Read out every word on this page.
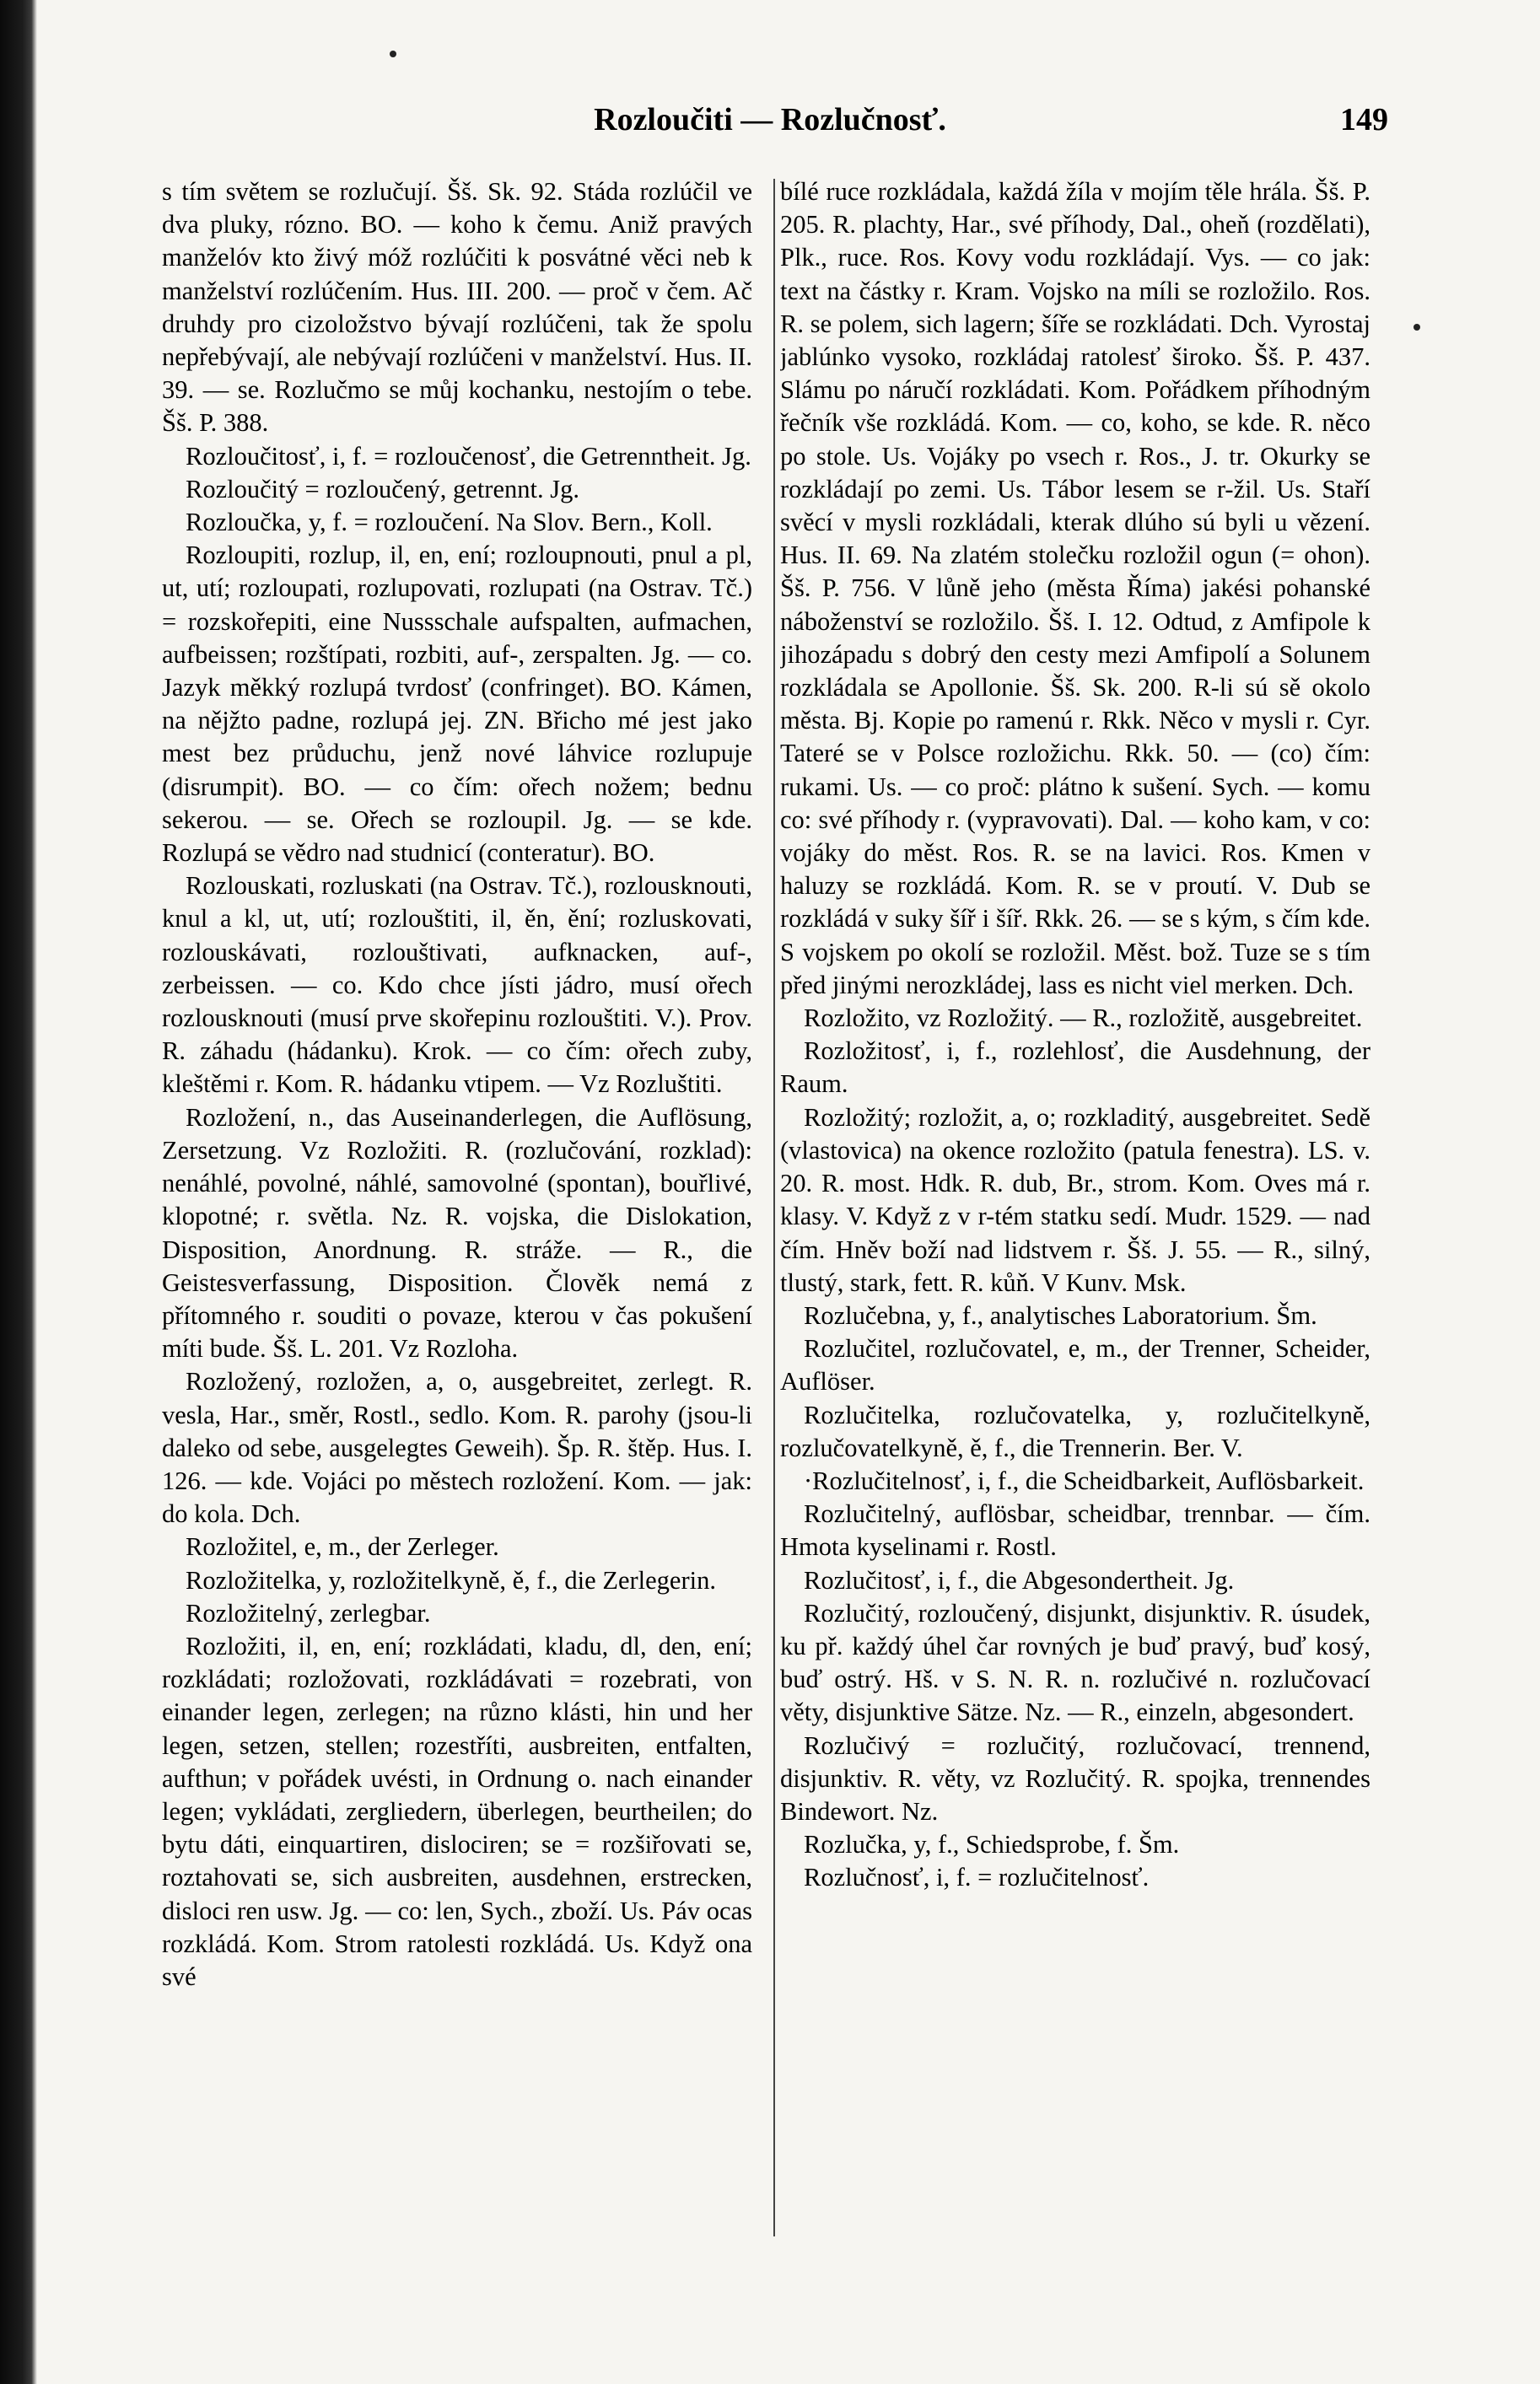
Rozloučiti — Rozlučnosť.	149

s tím světem se rozlučují. Šš. Sk. 92. Stáda rozlúčil ve dva pluky, rózno. BO. — koho k čemu. Aniž pravých manželóv kto živý móž rozlúčiti k posvátné věci neb k manželství rozlúčením. Hus. III. 200. — proč v čem. Ač druhdy pro cizoložstvo bývají rozlúčeni, tak že spolu nepřebývají, ale nebývají rozlúčeni v manželství. Hus. II. 39. — se. Rozlučmo se můj kochanku, nestojím o tebe. Šš. P. 388.

Rozloučitosť, i, f. = rozloučenosť, die Getrenntheit. Jg.

Rozloučitý = rozloučený, getrennt. Jg.

Rozloučka, y, f. = rozloučení. Na Slov. Bern., Koll.

Rozloupiti, rozlup, il, en, ení; rozloupnouti, pnul a pl, ut, utí; rozloupati, rozlupovati, rozlupati (na Ostrav. Tč.) = rozskořepiti, eine Nussschale aufspalten, aufmachen, aufbeissen; rozštípati, rozbiti, auf-, zerspalten. Jg. — co. Jazyk měkký rozlupá tvrdosť (confringet). BO. Kámen, na nějžto padne, rozlupá jej. ZN. Břicho mé jest jako mest bez průduchu, jenž nové láhvice rozlupuje (disrumpit). BO. — co čím: ořech nožem; bednu sekerou. — se. Ořech se rozloupil. Jg. — se kde. Rozlupá se vědro nad studnicí (conteratur). BO.

Rozlouskati, rozluskati (na Ostrav. Tč.), rozlousknouti, knul a kl, ut, utí; rozlouštiti, il, ěn, ění; rozluskovati, rozlouskávati, rozlouštivati, aufknacken, auf-, zerbeissen. — co. Kdo chce jísti jádro, musí ořech rozlousknouti (musí prve skořepinu rozlouštiti. V.). Prov. R. záhadu (hádanku). Krok. — co čím: ořech zuby, kleštěmi r. Kom. R. hádanku vtipem. — Vz Rozluštiti.

Rozložení, n., das Auseinanderlegen, die Auflösung, Zersetzung. Vz Rozložiti. R. (rozlučování, rozklad): nenáhlé, povolné, náhlé, samovolné (spontan), bouřlivé, klopotné; r. světla. Nz. R. vojska, die Dislokation, Disposition, Anordnung. R. stráže. — R., die Geistesverfassung, Disposition. Člověk nemá z přítomného r. souditi o povaze, kterou v čas pokušení míti bude. Šš. L. 201. Vz Rozloha.

Rozložený, rozložen, a, o, ausgebreitet, zerlegt. R. vesla, Har., směr, Rostl., sedlo. Kom. R. parohy (jsou-li daleko od sebe, ausgelegtes Geweih). Šp. R. štěp. Hus. I. 126. — kde. Vojáci po městech rozložení. Kom. — jak: do kola. Dch.

Rozložitel, e, m., der Zerleger.

Rozložitelka, y, rozložitelkyně, ě, f., die Zerlegerin.

Rozložitelný, zerlegbar.

Rozložiti, il, en, ení; rozkládati, kladu, dl, den, ení; rozkládati; rozložovati, rozkládávati = rozebrati, von einander legen, zerlegen; na různo klásti, hin und her legen, setzen, stellen; rozestříti, ausbreiten, entfalten, aufthun; v pořádek uvésti, in Ordnung o. nach einander legen; vykládati, zergliedern, überlegen, beurtheilen; do bytu dáti, einquartiren, dislociren; se = rozšiřovati se, roztahovati se, sich ausbreiten, ausdehnen, erstrecken, disloci ren usw. Jg. — co: len, Sych., zboží. Us. Páv ocas rozkládá. Kom. Strom ratolesti rozkládá. Us. Když ona své

bílé ruce rozkládala, každá žíla v mojím těle hrála. Šš. P. 205. R. plachty, Har., své příhody, Dal., oheň (rozdělati), Plk., ruce. Ros. Kovy vodu rozkládají. Vys. — co jak: text na částky r. Kram. Vojsko na míli se rozložilo. Ros. R. se polem, sich lagern; šíře se rozkládati. Dch. Vyrostaj jablúnko vysoko, rozkládaj ratolesť široko. Šš. P. 437. Slámu po náručí rozkládati. Kom. Pořádkem příhodným řečník vše rozkládá. Kom. — co, koho, se kde. R. něco po stole. Us. Vojáky po vsech r. Ros., J. tr. Okurky se rozkládají po zemi. Us. Tábor lesem se r-žil. Us. Staří svěcí v mysli rozkládali, kterak dlúho sú byli u vězení. Hus. II. 69. Na zlatém stolečku rozložil ogun (= ohon). Šš. P. 756. V lůně jeho (města Říma) jakési pohanské náboženství se rozložilo. Šš. I. 12. Odtud, z Amfipole k jihozápadu s dobrý den cesty mezi Amfipolí a Solunem rozkládala se Apollonie. Šš. Sk. 200. R-li sú sě okolo města. Bj. Kopie po ramenú r. Rkk. Něco v mysli r. Cyr. Tateré se v Polsce rozložichu. Rkk. 50. — (co) čím: rukami. Us. — co proč: plátno k sušení. Sych. — komu co: své příhody r. (vypravovati). Dal. — koho kam, v co: vojáky do měst. Ros. R. se na lavici. Ros. Kmen v haluzy se rozkládá. Kom. R. se v proutí. V. Dub se rozkládá v suky šíř i šíř. Rkk. 26. — se s kým, s čím kde. S vojskem po okolí se rozložil. Měst. bož. Tuze se s tím před jinými nerozkládej, lass es nicht viel merken. Dch.

Rozložito, vz Rozložitý. — R., rozložitě, ausgebreitet.

Rozložitosť, i, f., rozlehlosť, die Ausdehnung, der Raum.

Rozložitý; rozložit, a, o; rozkladitý, ausgebreitet. Sedě (vlastovica) na okence rozložito (patula fenestra). LS. v. 20. R. most. Hdk. R. dub, Br., strom. Kom. Oves má r. klasy. V. Když z v r-tém statku sedí. Mudr. 1529. — nad čím. Hněv boží nad lidstvem r. Šš. J. 55. — R., silný, tlustý, stark, fett. R. kůň. V Kunv. Msk.

Rozlučebna, y, f., analytisches Laboratorium. Šm.

Rozlučitel, rozlučovatel, e, m., der Trenner, Scheider, Auflöser.

Rozlučitelka, rozlučovatelka, y, rozlučitelkyně, rozlučovatelkyně, ě, f., die Trennerin. Ber. V.

·Rozlučitelnosť, i, f., die Scheidbarkeit, Auflösbarkeit.

Rozlučitelný, auflösbar, scheidbar, trennbar. — čím. Hmota kyselinami r. Rostl.

Rozlučitosť, i, f., die Abgesondertheit. Jg.

Rozlučitý, rozloučený, disjunkt, disjunktiv. R. úsudek, ku př. každý úhel čar rovných je buď pravý, buď kosý, buď ostrý. Hš. v S. N. R. n. rozlučivé n. rozlučovací věty, disjunktive Sätze. Nz. — R., einzeln, abgesondert.

Rozlučivý = rozlučitý, rozlučovací, trennend, disjunktiv. R. věty, vz Rozlučitý. R. spojka, trennendes Bindewort. Nz.

Rozlučka, y, f., Schiedsprobe, f. Šm.

Rozlučnosť, i, f. = rozlučitelnosť.
